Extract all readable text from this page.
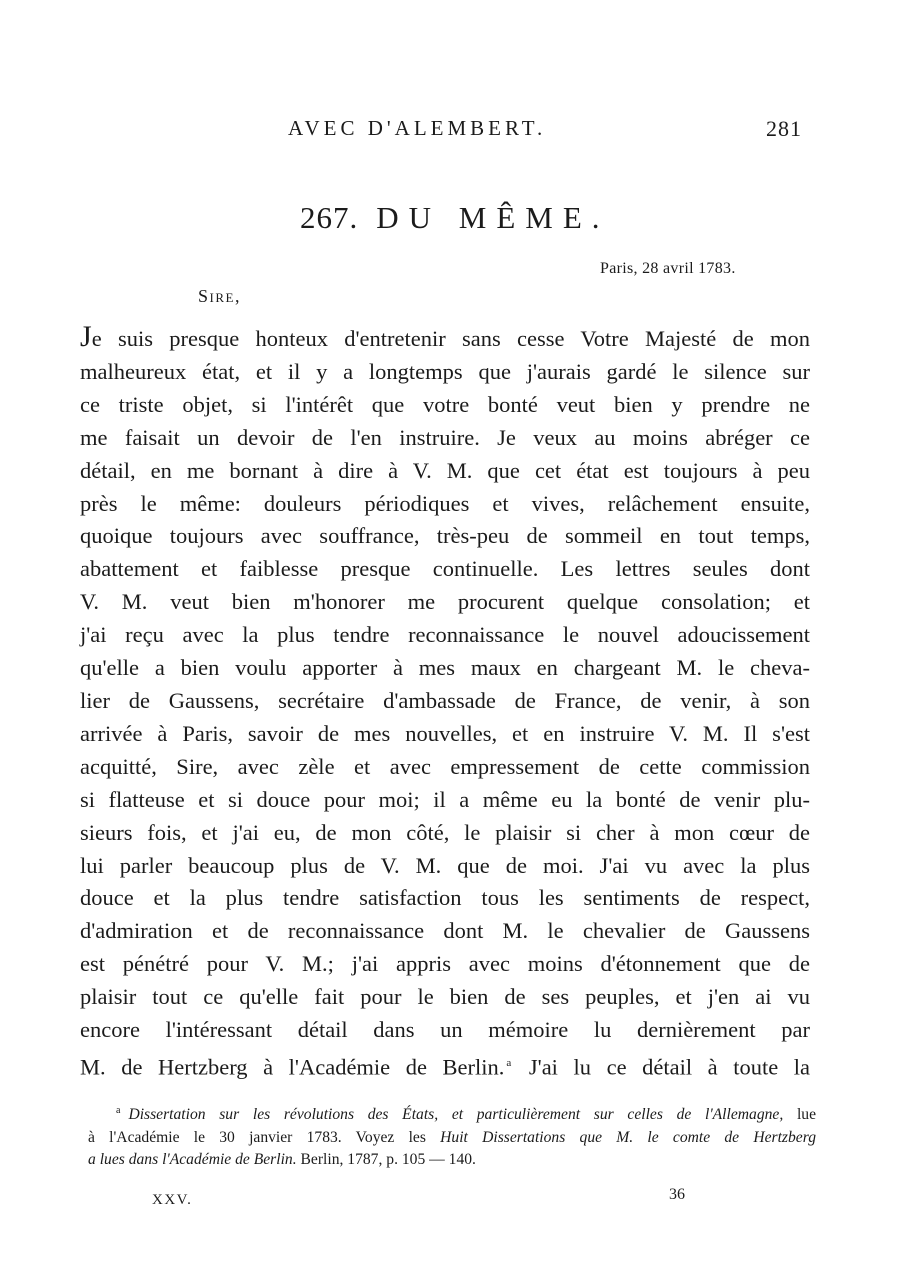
AVEC D'ALEMBERT.	281
267. DU MÊME.
Paris, 28 avril 1783.
Sire,
Je suis presque honteux d'entretenir sans cesse Votre Majesté de mon
malheureux état, et il y a longtemps que j'aurais gardé le silence sur
ce triste objet, si l'intérêt que votre bonté veut bien y prendre ne
me faisait un devoir de l'en instruire. Je veux au moins abréger ce
détail, en me bornant à dire à V. M. que cet état est toujours à peu
près le même: douleurs périodiques et vives, relâchement ensuite,
quoique toujours avec souffrance, très-peu de sommeil en tout temps,
abattement et faiblesse presque continuelle. Les lettres seules dont
V. M. veut bien m'honorer me procurent quelque consolation; et
j'ai reçu avec la plus tendre reconnaissance le nouvel adoucissement
qu'elle a bien voulu apporter à mes maux en chargeant M. le cheva-
lier de Gaussens, secrétaire d'ambassade de France, de venir, à son
arrivée à Paris, savoir de mes nouvelles, et en instruire V. M. Il s'est
acquitté, Sire, avec zèle et avec empressement de cette commission
si flatteuse et si douce pour moi; il a même eu la bonté de venir plu-
sieurs fois, et j'ai eu, de mon côté, le plaisir si cher à mon cœur de
lui parler beaucoup plus de V. M. que de moi. J'ai vu avec la plus
douce et la plus tendre satisfaction tous les sentiments de respect,
d'admiration et de reconnaissance dont M. le chevalier de Gaussens
est pénétré pour V. M.; j'ai appris avec moins d'étonnement que de
plaisir tout ce qu'elle fait pour le bien de ses peuples, et j'en ai vu
encore l'intéressant détail dans un mémoire lu dernièrement par
M. de Hertzberg à l'Académie de Berlin. $^a$ J'ai lu ce détail à toute la
$^a$ Dissertation sur les révolutions des États, et particulièrement sur celles de l'Allemagne, lue
à l'Académie le 30 janvier 1783. Voyez les Huit Dissertations que M. le comte de Hertzberg
a lues dans l'Académie de Berlin. Berlin, 1787, p. 105 — 140.
XXV.	36
